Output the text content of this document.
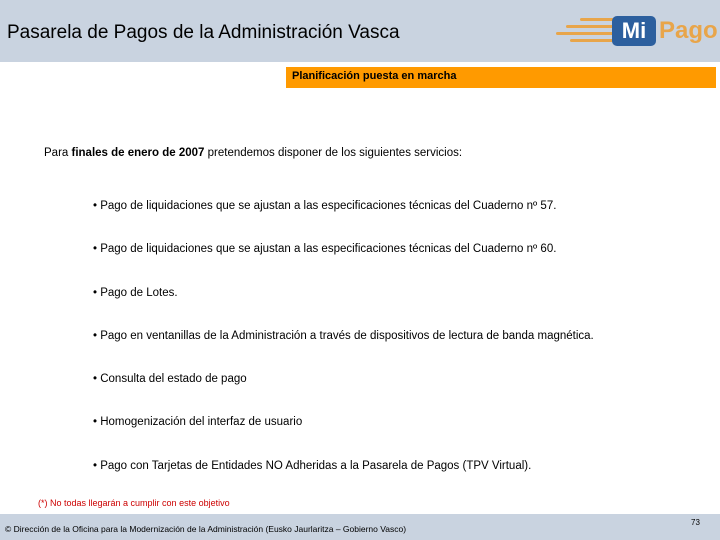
Pasarela de Pagos de la Administración Vasca	Mi Pago
Planificación puesta en marcha
Para finales de enero de 2007 pretendemos disponer de los siguientes servicios:
• Pago de liquidaciones que se ajustan a las especificaciones técnicas del Cuaderno nº 57.
• Pago de liquidaciones que se ajustan a las especificaciones técnicas del Cuaderno nº 60.
• Pago de Lotes.
• Pago en ventanillas de la Administración a través de dispositivos de lectura de banda magnética.
• Consulta del estado de pago
• Homogenización del interfaz de usuario
• Pago con Tarjetas de Entidades NO Adheridas a la Pasarela de Pagos (TPV Virtual).
(*) No todas llegarán a cumplir con este objetivo
© Dirección de la Oficina para la Modernización de la Administración (Eusko Jaurlaritza – Gobierno Vasco)
73
